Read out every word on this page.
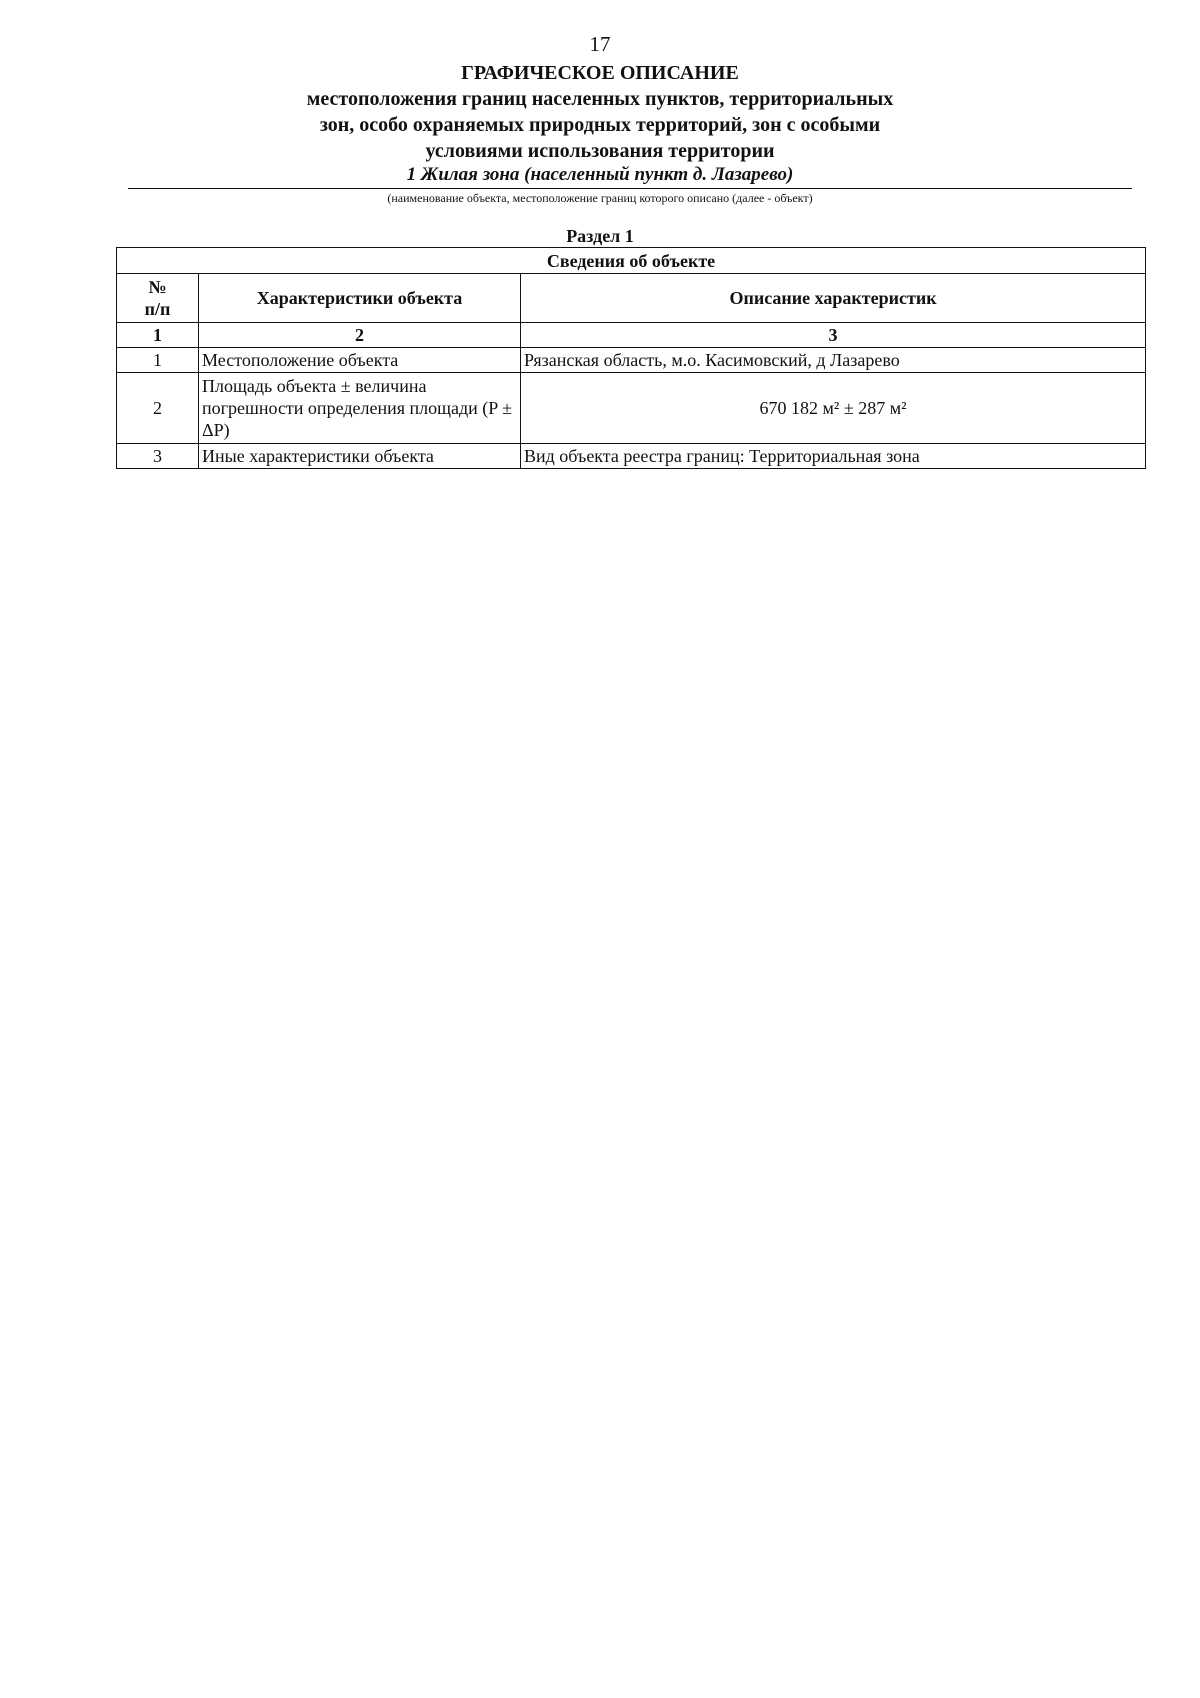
17
ГРАФИЧЕСКОЕ ОПИСАНИЕ
местоположения границ населенных пунктов, территориальных
зон, особо охраняемых природных территорий, зон с особыми
условиями использования территории
1 Жилая зона (населенный пункт д. Лазарево)
(наименование объекта, местоположение границ которого описано (далее - объект)
Раздел 1
Сведения об объекте		
№
п/п	Характеристики объекта	Описание характеристик
1	2	3
1	Местоположение объекта	Рязанская область, м.о. Касимовский, д Лазарево
2	Площадь объекта ± величина погрешности определения площади (P ± ΔP)	670 182 м² ± 287 м²
3	Иные характеристики объекта	Вид объекта реестра границ: Территориальная зона
